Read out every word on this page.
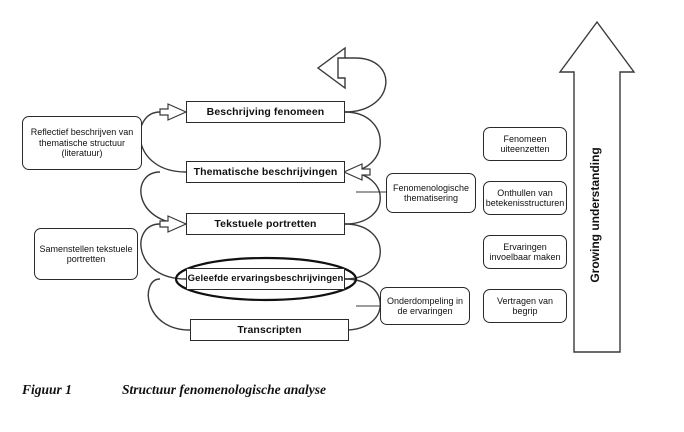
Beschrijving fenomeen
Thematische beschrijvingen
Tekstuele portretten
Geleefde ervaringsbeschrijvingen
Transcripten
Reflectief beschrijven van thematische structuur (literatuur)
Samenstellen tekstuele portretten
Fenomenologische thematisering
Onderdompeling in de ervaringen
Fenomeen uiteenzetten
Onthullen van betekenisstructuren
Ervaringen invoelbaar maken
Vertragen van begrip
Growing understanding
Figuur 1	Structuur fenomenologische analyse
